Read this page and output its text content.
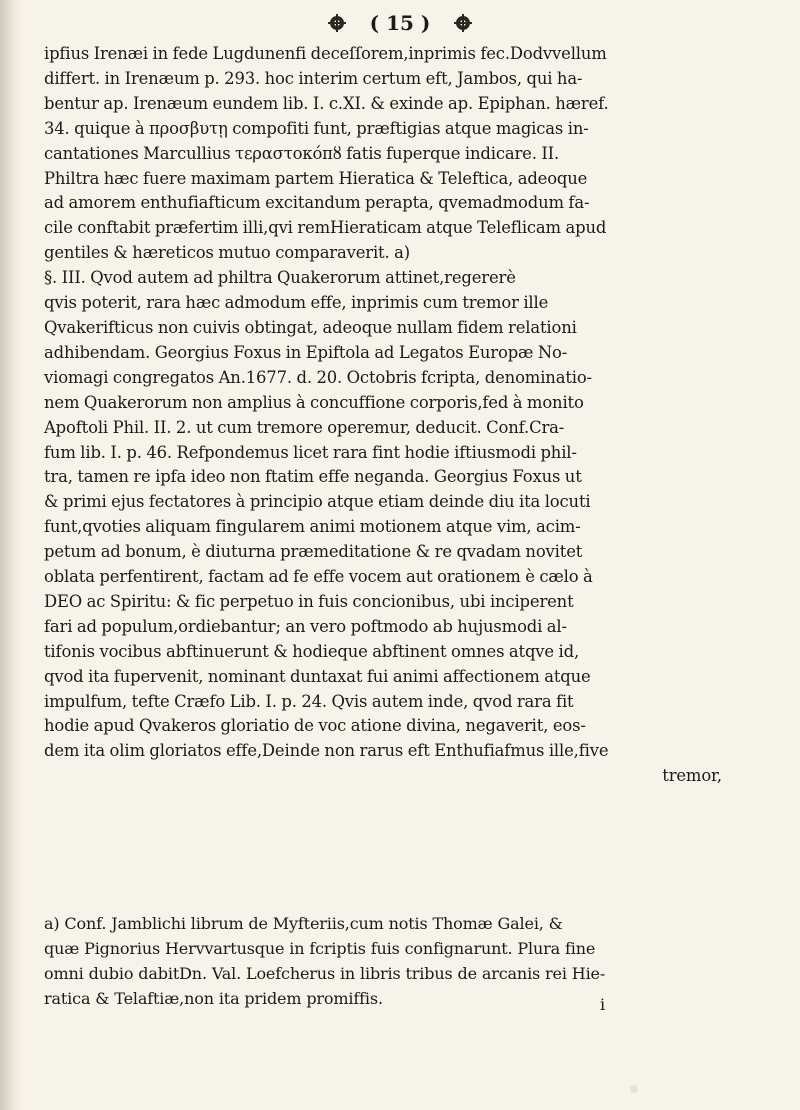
( 15 )

ipfius Irenæi in fede Lugdunenfi deceſſorem,inprimis fec.Dodvvellum

differt. in Irenæum p. 293. hoc interim certum eft, Jambos, qui ha-

bentur ap. Irenæum eundem lib. I. c.XI. & exinde ap. Epiphan. hæref.

34. quique à προσβυτῃ compofiti funt, præftigias atque magicas in-

cantationes Marcullius τεραστοκόπȣ fatis fuperque indicare. II.

Philtra hæc fuere maximam partem Hieratica & Teleftica, adeoque

ad amorem enthufiafticum excitandum perapta, qvemadmodum fa-

cile conftabit præfertim illi,qvi remHieraticam atque Teleflicam apud

gentiles & hæreticos mutuo comparaverit. a)

§. III. Qvod autem ad philtra Quakerorum attinet,regererè

qvis poterit, rara hæc admodum effe, inprimis cum tremor ille

Qvakerifticus non cuivis obtingat, adeoque nullam fidem relationi

adhibendam. Georgius Foxus in Epiftola ad Legatos Europæ No-

viomagi congregatos An.1677. d. 20. Octobris fcripta, denominatio-

nem Quakerorum non amplius à concuffione corporis,fed à monito

Apoftoli Phil. II. 2. ut cum tremore operemur, deducit. Conf.Cra-

fum lib. I. p. 46. Refpondemus licet rara fint hodie iftiusmodi phil-

tra, tamen re ipfa ideo non ftatim effe neganda. Georgius Foxus ut

& primi ejus fectatores à principio atque etiam deinde diu ita locuti

funt,qvoties aliquam fingularem animi motionem atque vim, acim-

petum ad bonum, è diuturna præmeditatione & re qvadam novitet

oblata perfentirent, factam ad fe effe vocem aut orationem è cælo à

DEO ac Spiritu: & fic perpetuo in fuis concionibus, ubi inciperent

fari ad populum,ordiebantur; an vero poftmodo ab hujusmodi al-

tifonis vocibus abftinuerunt & hodieque abftinent omnes atqve id,

qvod ita fupervenit, nominant duntaxat fui animi affectionem atque

impulfum, tefte Cræfo Lib. I. p. 24. Qvis autem inde, qvod rara fit

hodie apud Qvakeros gloriatio de voc atione divina, negaverit, eos-

dem ita olim gloriatos effe,Deinde non rarus eft Enthufiafmus ille,five

tremor,

a) Conf. Jamblichi librum de Myfteriis,cum notis Thomæ Galei, &

quæ Pignorius Hervvartusque in fcriptis fuis confignarunt. Plura fine

omni dubio dabitDn. Val. Loefcherus in libris tribus de arcanis rei Hie-

ratica & Telaftiæ,non ita pridem promiffis.	i
